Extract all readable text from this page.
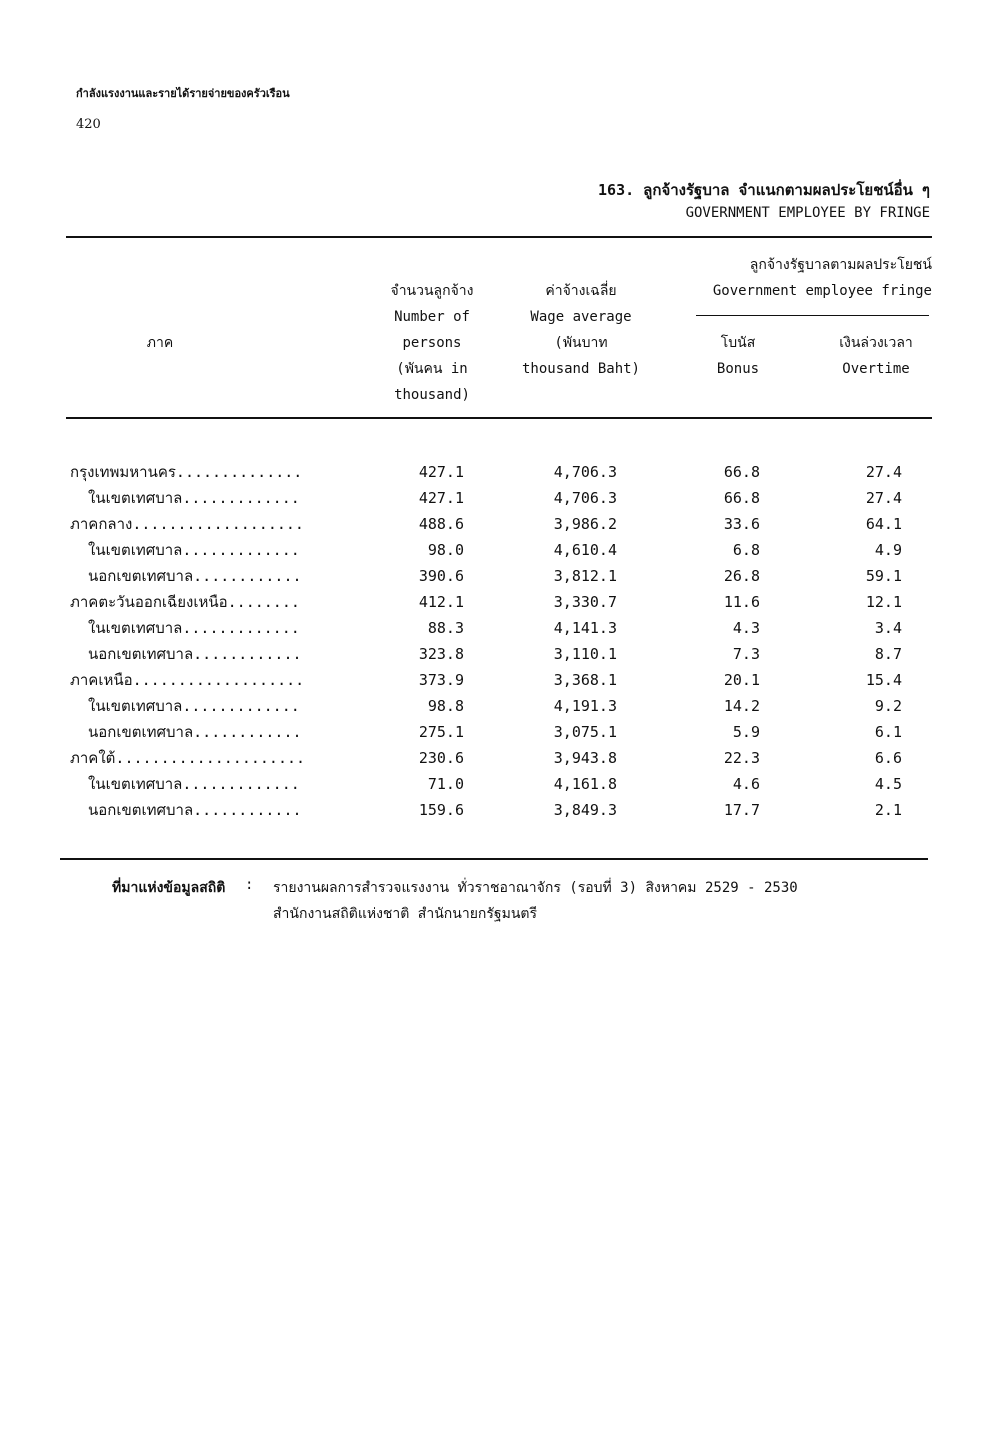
กำลังแรงงานและรายได้รายจ่ายของครัวเรือน
420
163. ลูกจ้างรัฐบาล จำแนกตามผลประโยชน์อื่น ๆ
GOVERNMENT EMPLOYEE BY FRINGE
ลูกจ้างรัฐบาลตามผลประโยชน์
Government employee fringe
จำนวนลูกจ้าง
Number of
persons
(พันคน in
thousand)
ค่าจ้างเฉลี่ย
Wage average
(พันบาท
thousand Baht)
ภาค	โบนัส
Bonus
เงินล่วงเวลา
Overtime
กรุงเทพมหานคร..............	427.1	4,706.3	66.8	27.4
ในเขตเทศบาล.............	427.1	4,706.3	66.8	27.4
ภาคกลาง...................	488.6	3,986.2	33.6	64.1
ในเขตเทศบาล.............	98.0	4,610.4	6.8	4.9
นอกเขตเทศบาล............	390.6	3,812.1	26.8	59.1
ภาคตะวันออกเฉียงเหนือ........	412.1	3,330.7	11.6	12.1
ในเขตเทศบาล.............	88.3	4,141.3	4.3	3.4
นอกเขตเทศบาล............	323.8	3,110.1	7.3	8.7
ภาคเหนือ...................	373.9	3,368.1	20.1	15.4
ในเขตเทศบาล.............	98.8	4,191.3	14.2	9.2
นอกเขตเทศบาล............	275.1	3,075.1	5.9	6.1
ภาคใต้.....................	230.6	3,943.8	22.3	6.6
ในเขตเทศบาล.............	71.0	4,161.8	4.6	4.5
นอกเขตเทศบาล............	159.6	3,849.3	17.7	2.1
ที่มาแห่งข้อมูลสถิติ : รายงานผลการสำรวจแรงงาน ทั่วราชอาณาจักร (รอบที่ 3) สิงหาคม 2529 - 2530
สำนักงานสถิติแห่งชาติ สำนักนายกรัฐมนตรี
